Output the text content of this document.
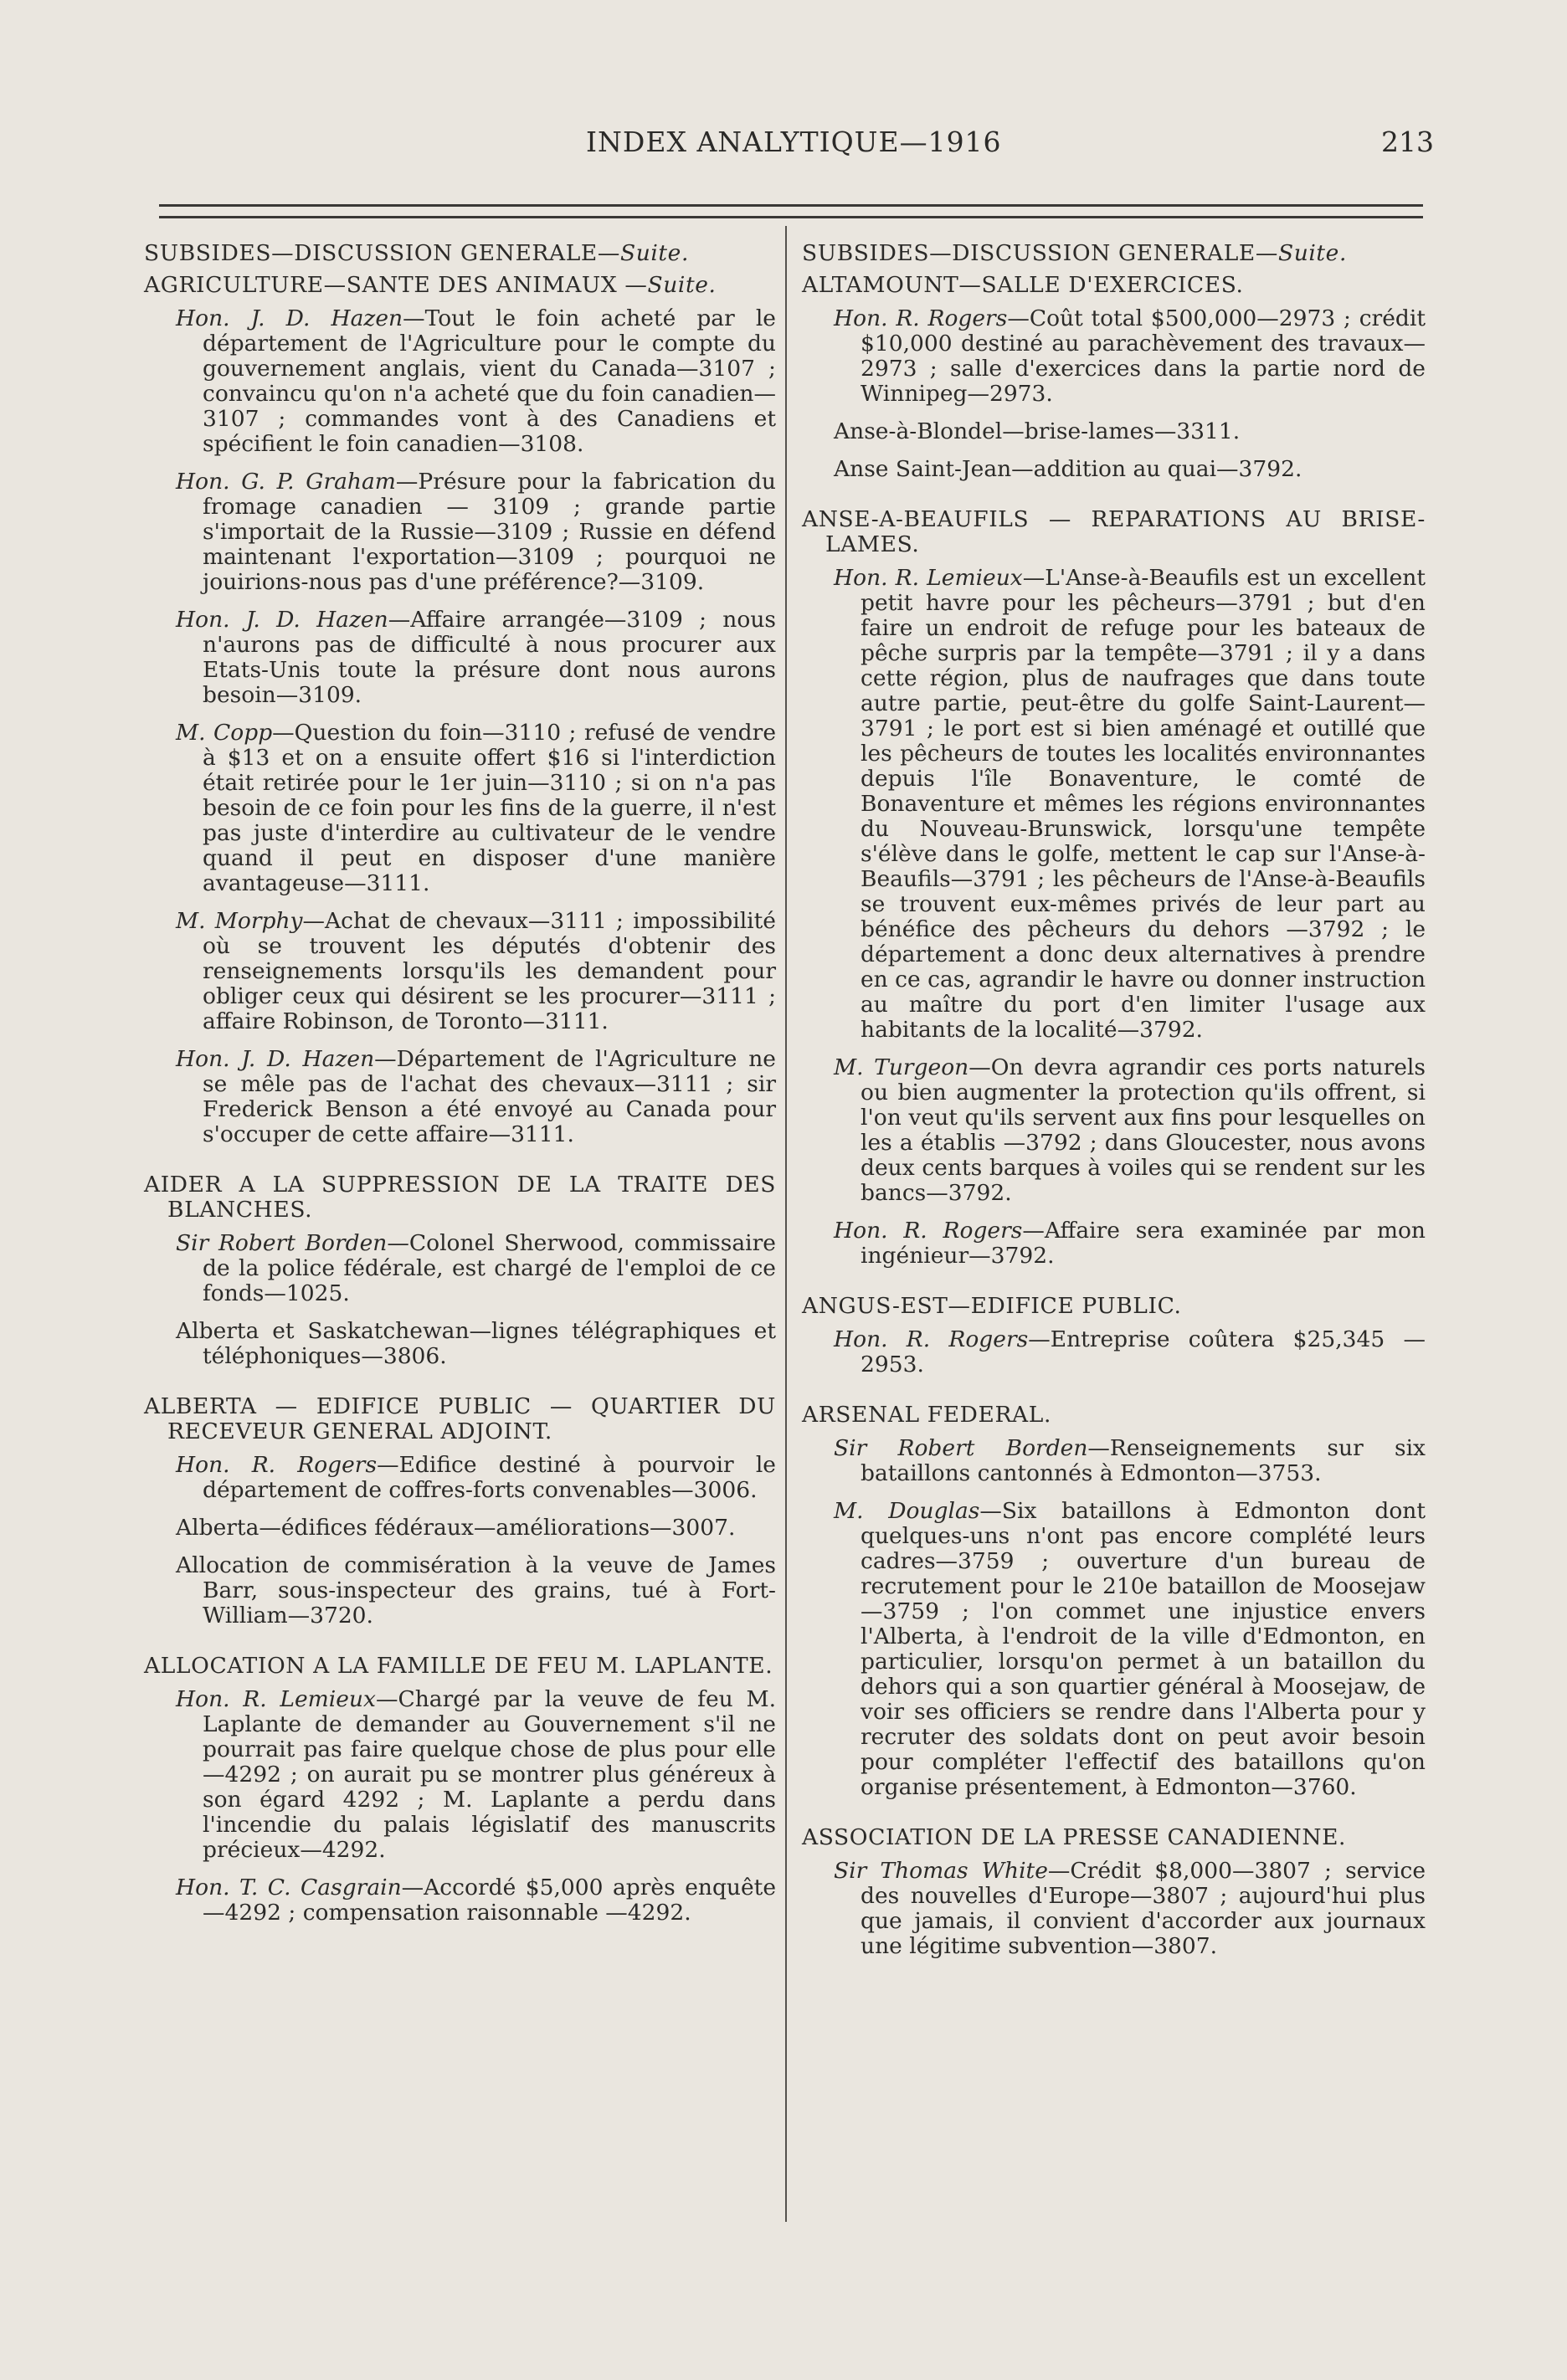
INDEX ANALYTIQUE—1916	213

SUBSIDES—DISCUSSION GENERALE—Suite.

AGRICULTURE—SANTE DES ANIMAUX —Suite.

Hon. J. D. Hazen—Tout le foin acheté par le département de l'Agriculture pour le compte du gouvernement anglais, vient du Canada—3107 ; convaincu qu'on n'a acheté que du foin canadien—3107 ; commandes vont à des Canadiens et spécifient le foin canadien—3108.

Hon. G. P. Graham—Présure pour la fabrication du fromage canadien — 3109 ; grande partie s'importait de la Russie—3109 ; Russie en défend maintenant l'exportation—3109 ; pourquoi ne jouirions-nous pas d'une préférence?—3109.

Hon. J. D. Hazen—Affaire arrangée—3109 ; nous n'aurons pas de difficulté à nous procurer aux Etats-Unis toute la présure dont nous aurons besoin—3109.

M. Copp—Question du foin—3110 ; refusé de vendre à $13 et on a ensuite offert $16 si l'interdiction était retirée pour le 1er juin—3110 ; si on n'a pas besoin de ce foin pour les fins de la guerre, il n'est pas juste d'interdire au cultivateur de le vendre quand il peut en disposer d'une manière avantageuse—3111.

M. Morphy—Achat de chevaux—3111 ; impossibilité où se trouvent les députés d'obtenir des renseignements lorsqu'ils les demandent pour obliger ceux qui désirent se les procurer—3111 ; affaire Robinson, de Toronto—3111.

Hon. J. D. Hazen—Département de l'Agriculture ne se mêle pas de l'achat des chevaux—3111 ; sir Frederick Benson a été envoyé au Canada pour s'occuper de cette affaire—3111.

AIDER A LA SUPPRESSION DE LA TRAITE DES BLANCHES.

Sir Robert Borden—Colonel Sherwood, commissaire de la police fédérale, est chargé de l'emploi de ce fonds—1025.

Alberta et Saskatchewan—lignes télégraphiques et téléphoniques—3806.

ALBERTA — EDIFICE PUBLIC — QUARTIER DU RECEVEUR GENERAL ADJOINT.

Hon. R. Rogers—Edifice destiné à pourvoir le département de coffres-forts convenables—3006.

Alberta—édifices fédéraux—améliorations—3007.

Allocation de commisération à la veuve de James Barr, sous-inspecteur des grains, tué à Fort-William—3720.

ALLOCATION A LA FAMILLE DE FEU M. LAPLANTE.

Hon. R. Lemieux—Chargé par la veuve de feu M. Laplante de demander au Gouvernement s'il ne pourrait pas faire quelque chose de plus pour elle—4292 ; on aurait pu se montrer plus généreux à son égard 4292 ; M. Laplante a perdu dans l'incendie du palais législatif des manuscrits précieux—4292.

Hon. T. C. Casgrain—Accordé $5,000 après enquête—4292 ; compensation raisonnable —4292.

SUBSIDES—DISCUSSION GENERALE—Suite.

ALTAMOUNT—SALLE D'EXERCICES.

Hon. R. Rogers—Coût total $500,000—2973 ; crédit $10,000 destiné au parachèvement des travaux—2973 ; salle d'exercices dans la partie nord de Winnipeg—2973.

Anse-à-Blondel—brise-lames—3311.

Anse Saint-Jean—addition au quai—3792.

ANSE-A-BEAUFILS — REPARATIONS AU BRISE-LAMES.

Hon. R. Lemieux—L'Anse-à-Beaufils est un excellent petit havre pour les pêcheurs—3791 ; but d'en faire un endroit de refuge pour les bateaux de pêche surpris par la tempête—3791 ; il y a dans cette région, plus de naufrages que dans toute autre partie, peut-être du golfe Saint-Laurent—3791 ; le port est si bien aménagé et outillé que les pêcheurs de toutes les localités environnantes depuis l'île Bonaventure, le comté de Bonaventure et mêmes les régions environnantes du Nouveau-Brunswick, lorsqu'une tempête s'élève dans le golfe, mettent le cap sur l'Anse-à-Beaufils—3791 ; les pêcheurs de l'Anse-à-Beaufils se trouvent eux-mêmes privés de leur part au bénéfice des pêcheurs du dehors —3792 ; le département a donc deux alternatives à prendre en ce cas, agrandir le havre ou donner instruction au maître du port d'en limiter l'usage aux habitants de la localité—3792.

M. Turgeon—On devra agrandir ces ports naturels ou bien augmenter la protection qu'ils offrent, si l'on veut qu'ils servent aux fins pour lesquelles on les a établis —3792 ; dans Gloucester, nous avons deux cents barques à voiles qui se rendent sur les bancs—3792.

Hon. R. Rogers—Affaire sera examinée par mon ingénieur—3792.

ANGUS-EST—EDIFICE PUBLIC.

Hon. R. Rogers—Entreprise coûtera $25,345 —2953.

ARSENAL FEDERAL.

Sir Robert Borden—Renseignements sur six bataillons cantonnés à Edmonton—3753.

M. Douglas—Six bataillons à Edmonton dont quelques-uns n'ont pas encore complété leurs cadres—3759 ; ouverture d'un bureau de recrutement pour le 210e bataillon de Moosejaw—3759 ; l'on commet une injustice envers l'Alberta, à l'endroit de la ville d'Edmonton, en particulier, lorsqu'on permet à un bataillon du dehors qui a son quartier général à Moosejaw, de voir ses officiers se rendre dans l'Alberta pour y recruter des soldats dont on peut avoir besoin pour compléter l'effectif des bataillons qu'on organise présentement, à Edmonton—3760.

ASSOCIATION DE LA PRESSE CANADIENNE.

Sir Thomas White—Crédit $8,000—3807 ; service des nouvelles d'Europe—3807 ; aujourd'hui plus que jamais, il convient d'accorder aux journaux une légitime subvention—3807.
